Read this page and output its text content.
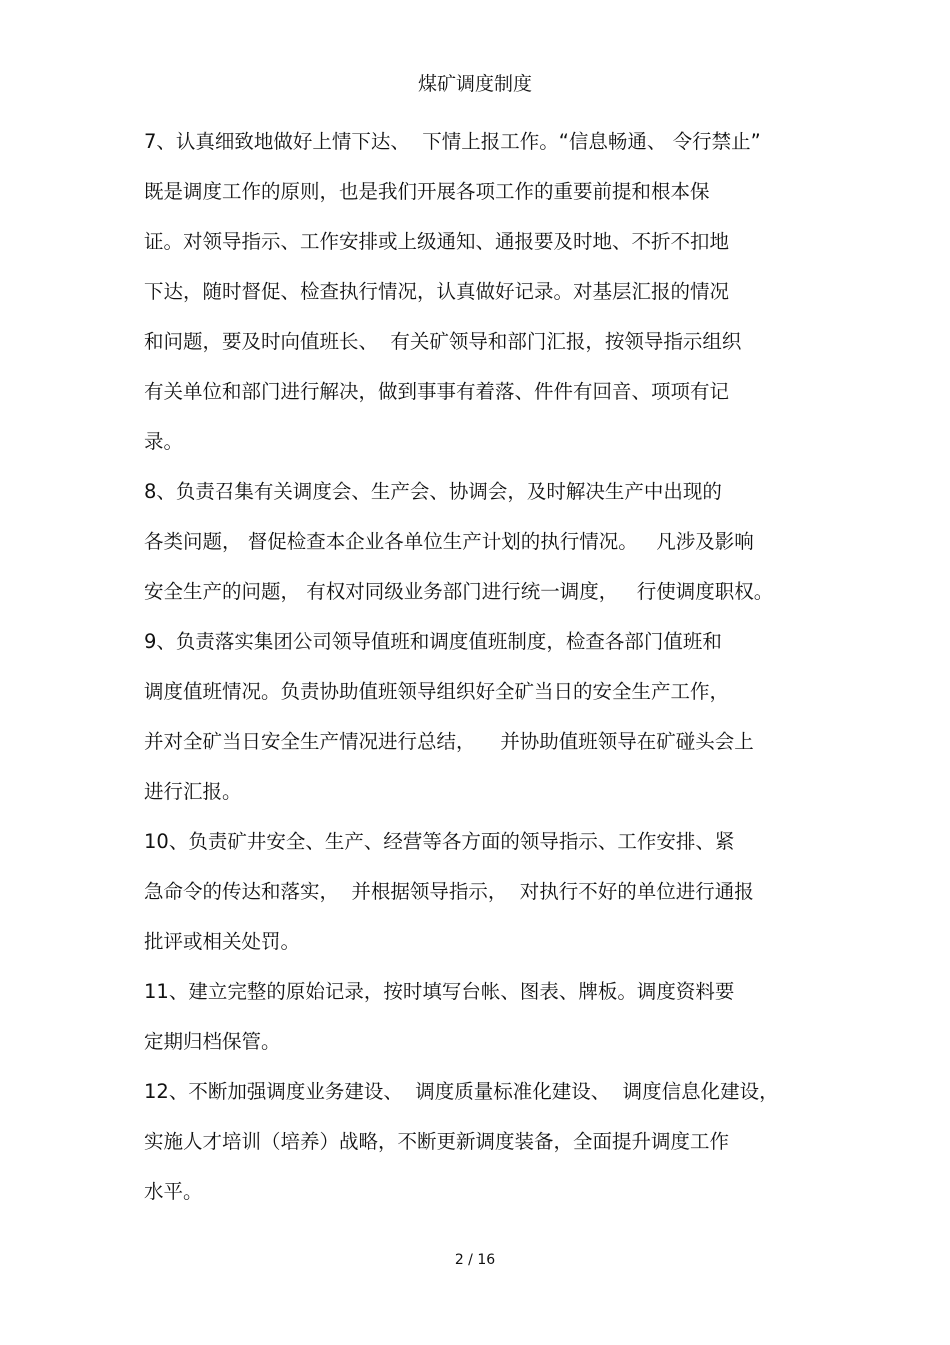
煤矿调度制度
7、认真细致地做好上情下达、  下情上报工作。“信息畅通、 令行禁止”
既是调度工作的原则，也是我们开展各项工作的重要前提和根本保
证。对领导指示、工作安排或上级通知、通报要及时地、不折不扣地
下达，随时督促、检查执行情况，认真做好记录。对基层汇报的情况
和问题，要及时向值班长、  有关矿领导和部门汇报，按领导指示组织
有关单位和部门进行解决，做到事事有着落、件件有回音、项项有记
录。
8、负责召集有关调度会、生产会、协调会，及时解决生产中出现的
各类问题， 督促检查本企业各单位生产计划的执行情况。   凡涉及影响
安全生产的问题， 有权对同级业务部门进行统一调度，   行使调度职权。
9、负责落实集团公司领导值班和调度值班制度，检查各部门值班和
调度值班情况。负责协助值班领导组织好全矿当日的安全生产工作，
并对全矿当日安全生产情况进行总结，    并协助值班领导在矿碰头会上
进行汇报。
10、负责矿井安全、生产、经营等各方面的领导指示、工作安排、紧
急命令的传达和落实，  并根据领导指示，  对执行不好的单位进行通报
批评或相关处罚。
11、建立完整的原始记录，按时填写台帐、图表、牌板。调度资料要
定期归档保管。
12、不断加强调度业务建设、  调度质量标准化建设、  调度信息化建设，
实施人才培训（培养）战略，不断更新调度装备，全面提升调度工作
水平。
2 / 16
